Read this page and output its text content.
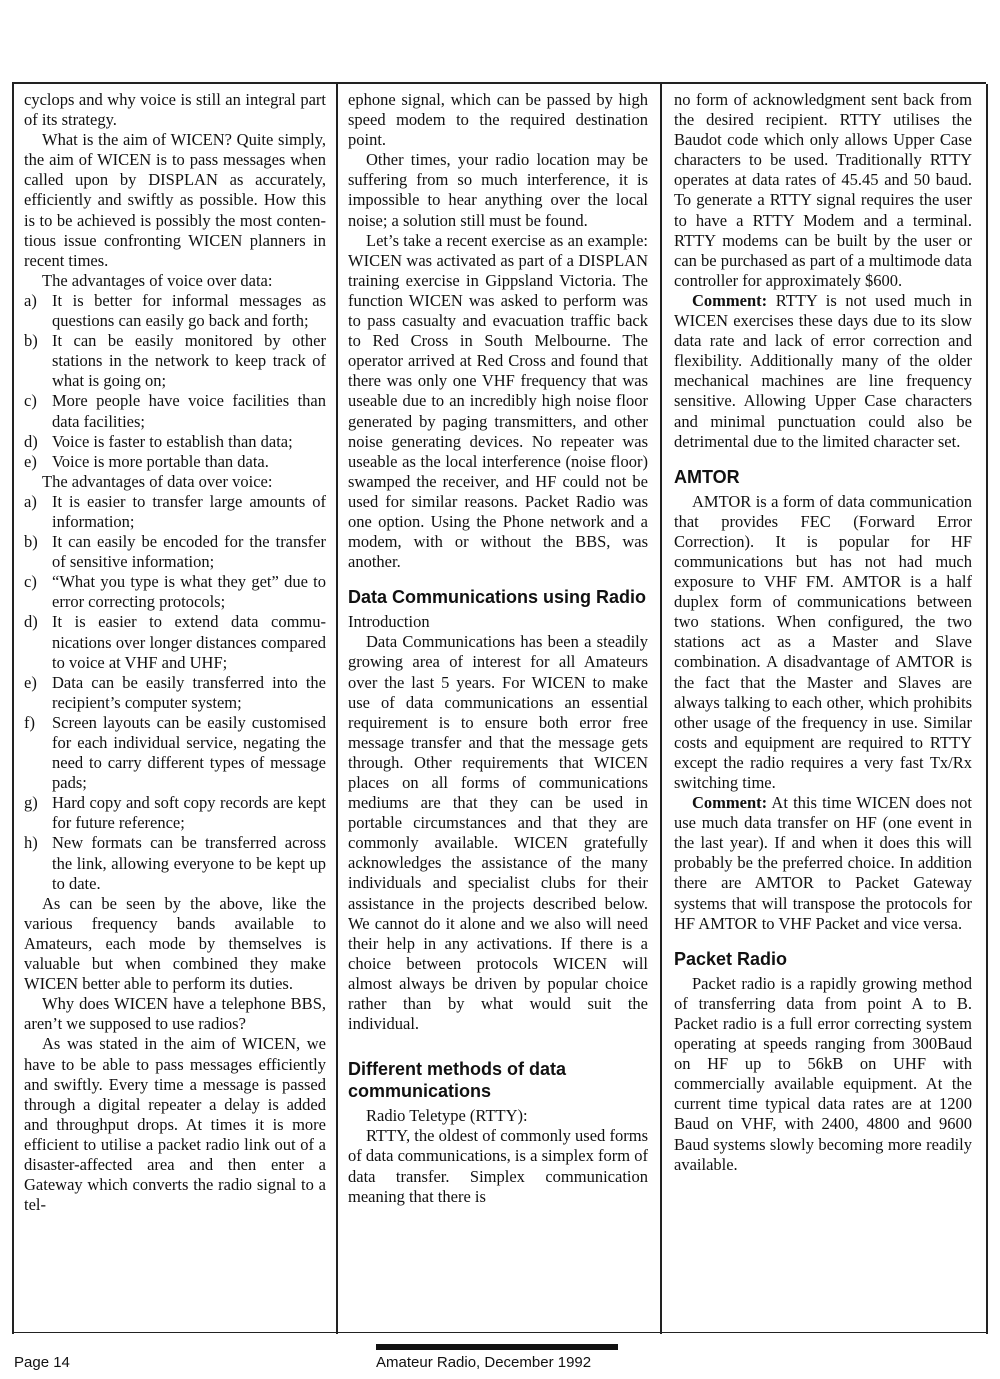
cyclops and why voice is still an integral part of its strategy.

What is the aim of WICEN? Quite simply, the aim of WICEN is to pass messages when called upon by DISPLAN as accurately, efficiently and swiftly as possible. How this is to be achieved is possibly the most contentious issue confronting WICEN planners in recent times.

The advantages of voice over data:

a) It is better for informal messages as questions can easily go back and forth;
b) It can be easily monitored by other stations in the network to keep track of what is going on;
c) More people have voice facilities than data facilities;
d) Voice is faster to establish than data;
e) Voice is more portable than data.

The advantages of data over voice:

a) It is easier to transfer large amounts of information;
b) It can easily be encoded for the transfer of sensitive information;
c) “What you type is what they get” due to error correcting protocols;
d) It is easier to extend data communications over longer distances compared to voice at VHF and UHF;
e) Data can be easily transferred into the recipient’s computer system;
f) Screen layouts can be easily customised for each individual service, negating the need to carry different types of message pads;
g) Hard copy and soft copy records are kept for future reference;
h) New formats can be transferred across the link, allowing everyone to be kept up to date.

As can be seen by the above, like the various frequency bands available to Amateurs, each mode by themselves is valuable but when combined they make WICEN better able to perform its duties.

Why does WICEN have a telephone BBS, aren’t we supposed to use radios?

As was stated in the aim of WICEN, we have to be able to pass messages efficiently and swiftly. Every time a message is passed through a digital repeater a delay is added and throughput drops. At times it is more efficient to utilise a packet radio link out of a disaster-affected area and then enter a Gateway which converts the radio signal to a tel-

ephone signal, which can be passed by high speed modem to the required destination point.

Other times, your radio location may be suffering from so much interference, it is impossible to hear anything over the local noise; a solution still must be found.

Let’s take a recent exercise as an example: WICEN was activated as part of a DISPLAN training exercise in Gippsland Victoria. The function WICEN was asked to perform was to pass casualty and evacuation traffic back to Red Cross in South Melbourne. The operator arrived at Red Cross and found that there was only one VHF frequency that was useable due to an incredibly high noise floor generated by paging transmitters, and other noise generating devices. No repeater was useable as the local interference (noise floor) swamped the receiver, and HF could not be used for similar reasons. Packet Radio was one option. Using the Phone network and a modem, with or without the BBS, was another.

Data Communications using Radio

Introduction

Data Communications has been a steadily growing area of interest for all Amateurs over the last 5 years. For WICEN to make use of data communications an essential requirement is to ensure both error free message transfer and that the message gets through. Other requirements that WICEN places on all forms of communications mediums are that they can be used in portable circumstances and that they are commonly available. WICEN gratefully acknowledges the assistance of the many individuals and specialist clubs for their assistance in the projects described below. We cannot do it alone and we also will need their help in any activations. If there is a choice between protocols WICEN will almost always be driven by popular choice rather than by what would suit the individual.

Different methods of data communications

Radio Teletype (RTTY):

RTTY, the oldest of commonly used forms of data communications, is a simplex form of data transfer. Simplex communication meaning that there is

no form of acknowledgment sent back from the desired recipient. RTTY utilises the Baudot code which only allows Upper Case characters to be used. Traditionally RTTY operates at data rates of 45.45 and 50 baud. To generate a RTTY signal requires the user to have a RTTY Modem and a terminal. RTTY modems can be built by the user or can be purchased as part of a multimode data controller for approximately $600.

Comment: RTTY is not used much in WICEN exercises these days due to its slow data rate and lack of error correction and flexibility. Additionally many of the older mechanical machines are line frequency sensitive. Allowing Upper Case characters and minimal punctuation could also be detrimental due to the limited character set.

AMTOR

AMTOR is a form of data communication that provides FEC (Forward Error Correction). It is popular for HF communications but has not had much exposure to VHF FM. AMTOR is a half duplex form of communications between two stations. When configured, the two stations act as a Master and Slave combination. A disadvantage of AMTOR is the fact that the Master and Slaves are always talking to each other, which prohibits other usage of the frequency in use. Similar costs and equipment are required to RTTY except the radio requires a very fast Tx/Rx switching time.

Comment: At this time WICEN does not use much data transfer on HF (one event in the last year). If and when it does this will probably be the preferred choice. In addition there are AMTOR to Packet Gateway systems that will transpose the protocols for HF AMTOR to VHF Packet and vice versa.

Packet Radio

Packet radio is a rapidly growing method of transferring data from point A to B. Packet radio is a full error correcting system operating at speeds ranging from 300Baud on HF up to 56kB on UHF with commercially available equipment. At the current time typical data rates are at 1200 Baud on VHF, with 2400, 4800 and 9600 Baud systems slowly becoming more readily available.

Page 14	Amateur Radio, December 1992
